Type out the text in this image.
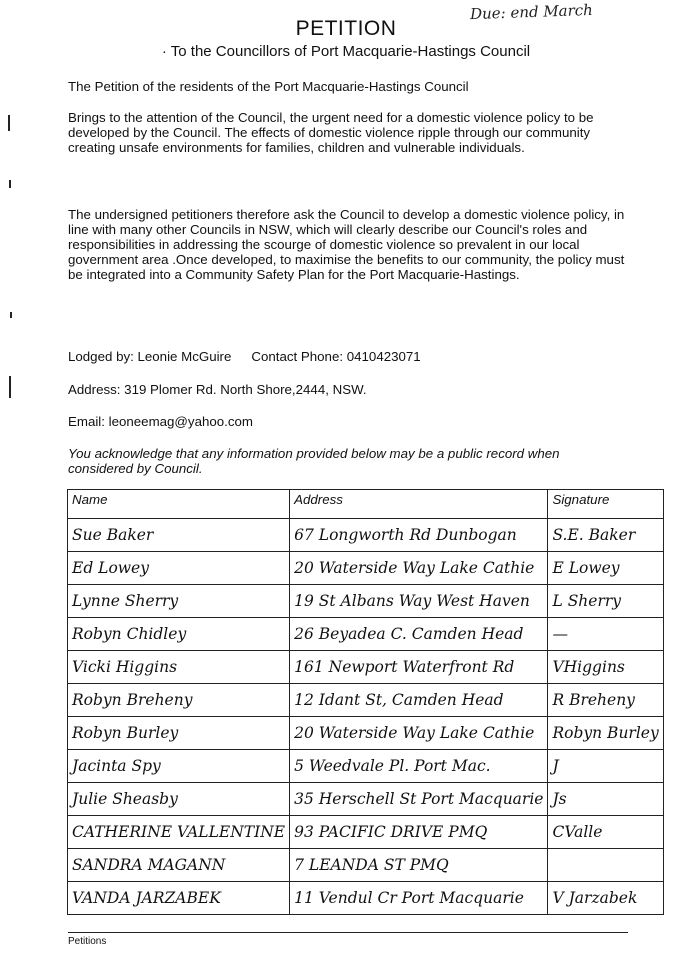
PETITION
Due: end March
· To the Councillors of Port Macquarie-Hastings Council
The Petition of the residents of the Port Macquarie-Hastings Council
Brings to the attention of the Council, the urgent need for a domestic violence policy to be developed by the Council. The effects of domestic violence ripple through our community creating unsafe environments for families, children and vulnerable individuals.
The undersigned petitioners therefore ask the Council to develop a domestic violence policy, in line with many other Councils in NSW, which will clearly describe our Council's roles and responsibilities in addressing the scourge of domestic violence so prevalent in our local government area .Once developed, to maximise the benefits to our community, the policy must be integrated into a Community Safety Plan for the Port Macquarie-Hastings.
Lodged by: Leonie McGuire Contact Phone: 0410423071
Address: 319 Plomer Rd. North Shore,2444, NSW.
Email: leoneemag@yahoo.com
You acknowledge that any information provided below may be a public record when considered by Council.
Name	Address	Signature
Sue Baker	67 Longworth Rd Dunbogan	S.E. Baker
Ed Lowey	20 Waterside Way Lake Cathie	E Lowey
Lynne Sherry	19 St Albans Way West Haven	L Sherry
Robyn Chidley	26 Beyadea C. Camden Head	—
Vicki Higgins	161 Newport Waterfront Rd	VHiggins
Robyn Breheny	12 Idant St, Camden Head	R Breheny
Robyn Burley	20 Waterside Way Lake Cathie	Robyn Burley
Jacinta Spy	5 Weedvale Pl. Port Mac.	J
Julie Sheasby	35 Herschell St Port Macquarie	Js
CATHERINE VALLENTINE	93 PACIFIC DRIVE PMQ	CValle
SANDRA MAGANN	7 LEANDA ST PMQ	
VANDA JARZABEK	11 Vendul Cr Port Macquarie	V Jarzabek
Petitions
